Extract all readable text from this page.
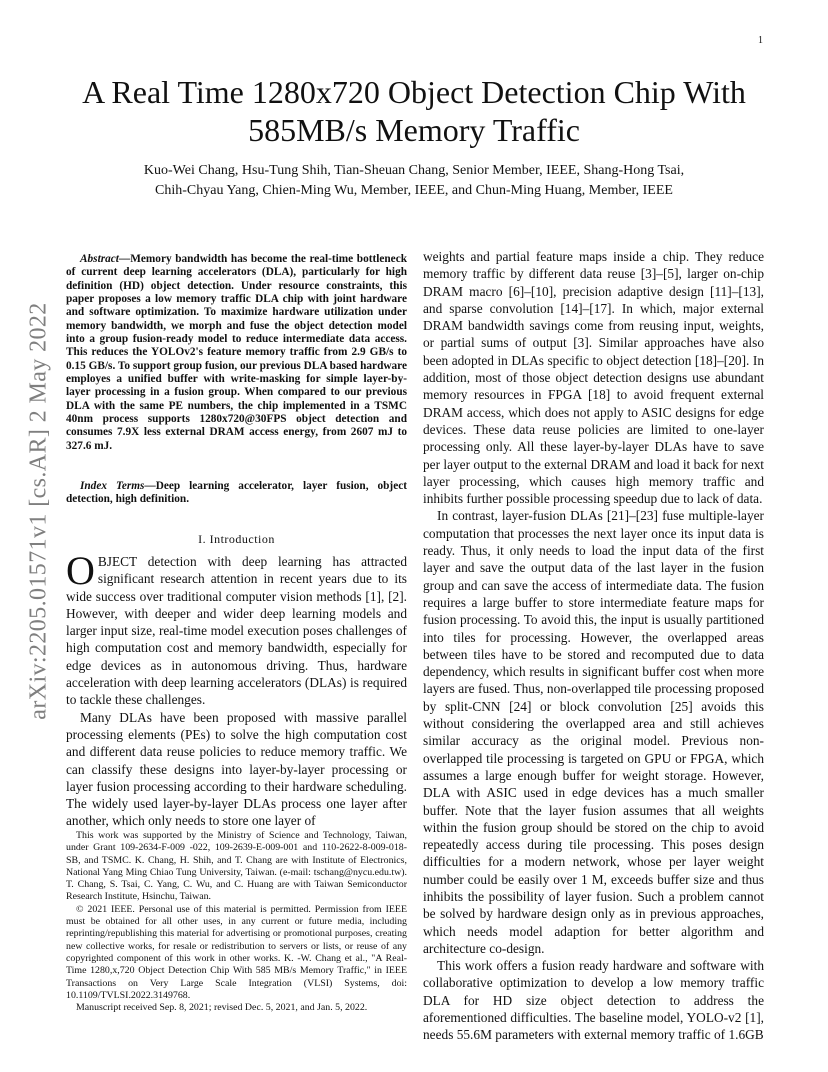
1
arXiv:2205.01571v1 [cs.AR] 2 May 2022
A Real Time 1280x720 Object Detection Chip With 585MB/s Memory Traffic
Kuo-Wei Chang, Hsu-Tung Shih, Tian-Sheuan Chang, Senior Member, IEEE, Shang-Hong Tsai,
Chih-Chyau Yang, Chien-Ming Wu, Member, IEEE, and Chun-Ming Huang, Member, IEEE
Abstract—Memory bandwidth has become the real-time bottleneck of current deep learning accelerators (DLA), particularly for high definition (HD) object detection. Under resource constraints, this paper proposes a low memory traffic DLA chip with joint hardware and software optimization. To maximize hardware utilization under memory bandwidth, we morph and fuse the object detection model into a group fusion-ready model to reduce intermediate data access. This reduces the YOLOv2's feature memory traffic from 2.9 GB/s to 0.15 GB/s. To support group fusion, our previous DLA based hardware employes a unified buffer with write-masking for simple layer-by-layer processing in a fusion group. When compared to our previous DLA with the same PE numbers, the chip implemented in a TSMC 40nm process supports 1280x720@30FPS object detection and consumes 7.9X less external DRAM access energy, from 2607 mJ to 327.6 mJ.
Index Terms—Deep learning accelerator, layer fusion, object detection, high definition.
I. Introduction

OBJECT detection with deep learning has attracted significant research attention in recent years due to its wide success over traditional computer vision methods [1], [2]. However, with deeper and wider deep learning models and larger input size, real-time model execution poses challenges of high computation cost and memory bandwidth, especially for edge devices as in autonomous driving. Thus, hardware acceleration with deep learning accelerators (DLAs) is required to tackle these challenges.

Many DLAs have been proposed with massive parallel processing elements (PEs) to solve the high computation cost and different data reuse policies to reduce memory traffic. We can classify these designs into layer-by-layer processing or layer fusion processing according to their hardware scheduling. The widely used layer-by-layer DLAs process one layer after another, which only needs to store one layer of

This work was supported by the Ministry of Science and Technology, Taiwan, under Grant 109-2634-F-009 -022, 109-2639-E-009-001 and 110-2622-8-009-018-SB, and TSMC. K. Chang, H. Shih, and T. Chang are with Institute of Electronics, National Yang Ming Chiao Tung University, Taiwan. (e-mail: tschang@nycu.edu.tw). T. Chang, S. Tsai, C. Yang, C. Wu, and C. Huang are with Taiwan Semiconductor Research Institute, Hsinchu, Taiwan.

© 2021 IEEE. Personal use of this material is permitted. Permission from IEEE must be obtained for all other uses, in any current or future media, including reprinting/republishing this material for advertising or promotional purposes, creating new collective works, for resale or redistribution to servers or lists, or reuse of any copyrighted component of this work in other works. K. -W. Chang et al., "A Real-Time 1280,x,720 Object Detection Chip With 585 MB/s Memory Traffic," in IEEE Transactions on Very Large Scale Integration (VLSI) Systems, doi: 10.1109/TVLSI.2022.3149768.

Manuscript received Sep. 8, 2021; revised Dec. 5, 2021, and Jan. 5, 2022.

weights and partial feature maps inside a chip. They reduce memory traffic by different data reuse [3]–[5], larger on-chip DRAM macro [6]–[10], precision adaptive design [11]–[13], and sparse convolution [14]–[17]. In which, major external DRAM bandwidth savings come from reusing input, weights, or partial sums of output [3]. Similar approaches have also been adopted in DLAs specific to object detection [18]–[20]. In addition, most of those object detection designs use abundant memory resources in FPGA [18] to avoid frequent external DRAM access, which does not apply to ASIC designs for edge devices. These data reuse policies are limited to one-layer processing only. All these layer-by-layer DLAs have to save per layer output to the external DRAM and load it back for next layer processing, which causes high memory traffic and inhibits further possible processing speedup due to lack of data.

In contrast, layer-fusion DLAs [21]–[23] fuse multiple-layer computation that processes the next layer once its input data is ready. Thus, it only needs to load the input data of the first layer and save the output data of the last layer in the fusion group and can save the access of intermediate data. The fusion requires a large buffer to store intermediate feature maps for fusion processing. To avoid this, the input is usually partitioned into tiles for processing. However, the overlapped areas between tiles have to be stored and recomputed due to data dependency, which results in significant buffer cost when more layers are fused. Thus, non-overlapped tile processing proposed by split-CNN [24] or block convolution [25] avoids this without considering the overlapped area and still achieves similar accuracy as the original model. Previous non-overlapped tile processing is targeted on GPU or FPGA, which assumes a large enough buffer for weight storage. However, DLA with ASIC used in edge devices has a much smaller buffer. Note that the layer fusion assumes that all weights within the fusion group should be stored on the chip to avoid repeatedly access during tile processing. This poses design difficulties for a modern network, whose per layer weight number could be easily over 1 M, exceeds buffer size and thus inhibits the possibility of layer fusion. Such a problem cannot be solved by hardware design only as in previous approaches, which needs model adaption for better algorithm and architecture co-design.

This work offers a fusion ready hardware and software with collaborative optimization to develop a low memory traffic DLA for HD size object detection to address the aforementioned difficulties. The baseline model, YOLO-v2 [1], needs 55.6M parameters with external memory traffic of 1.6GB
